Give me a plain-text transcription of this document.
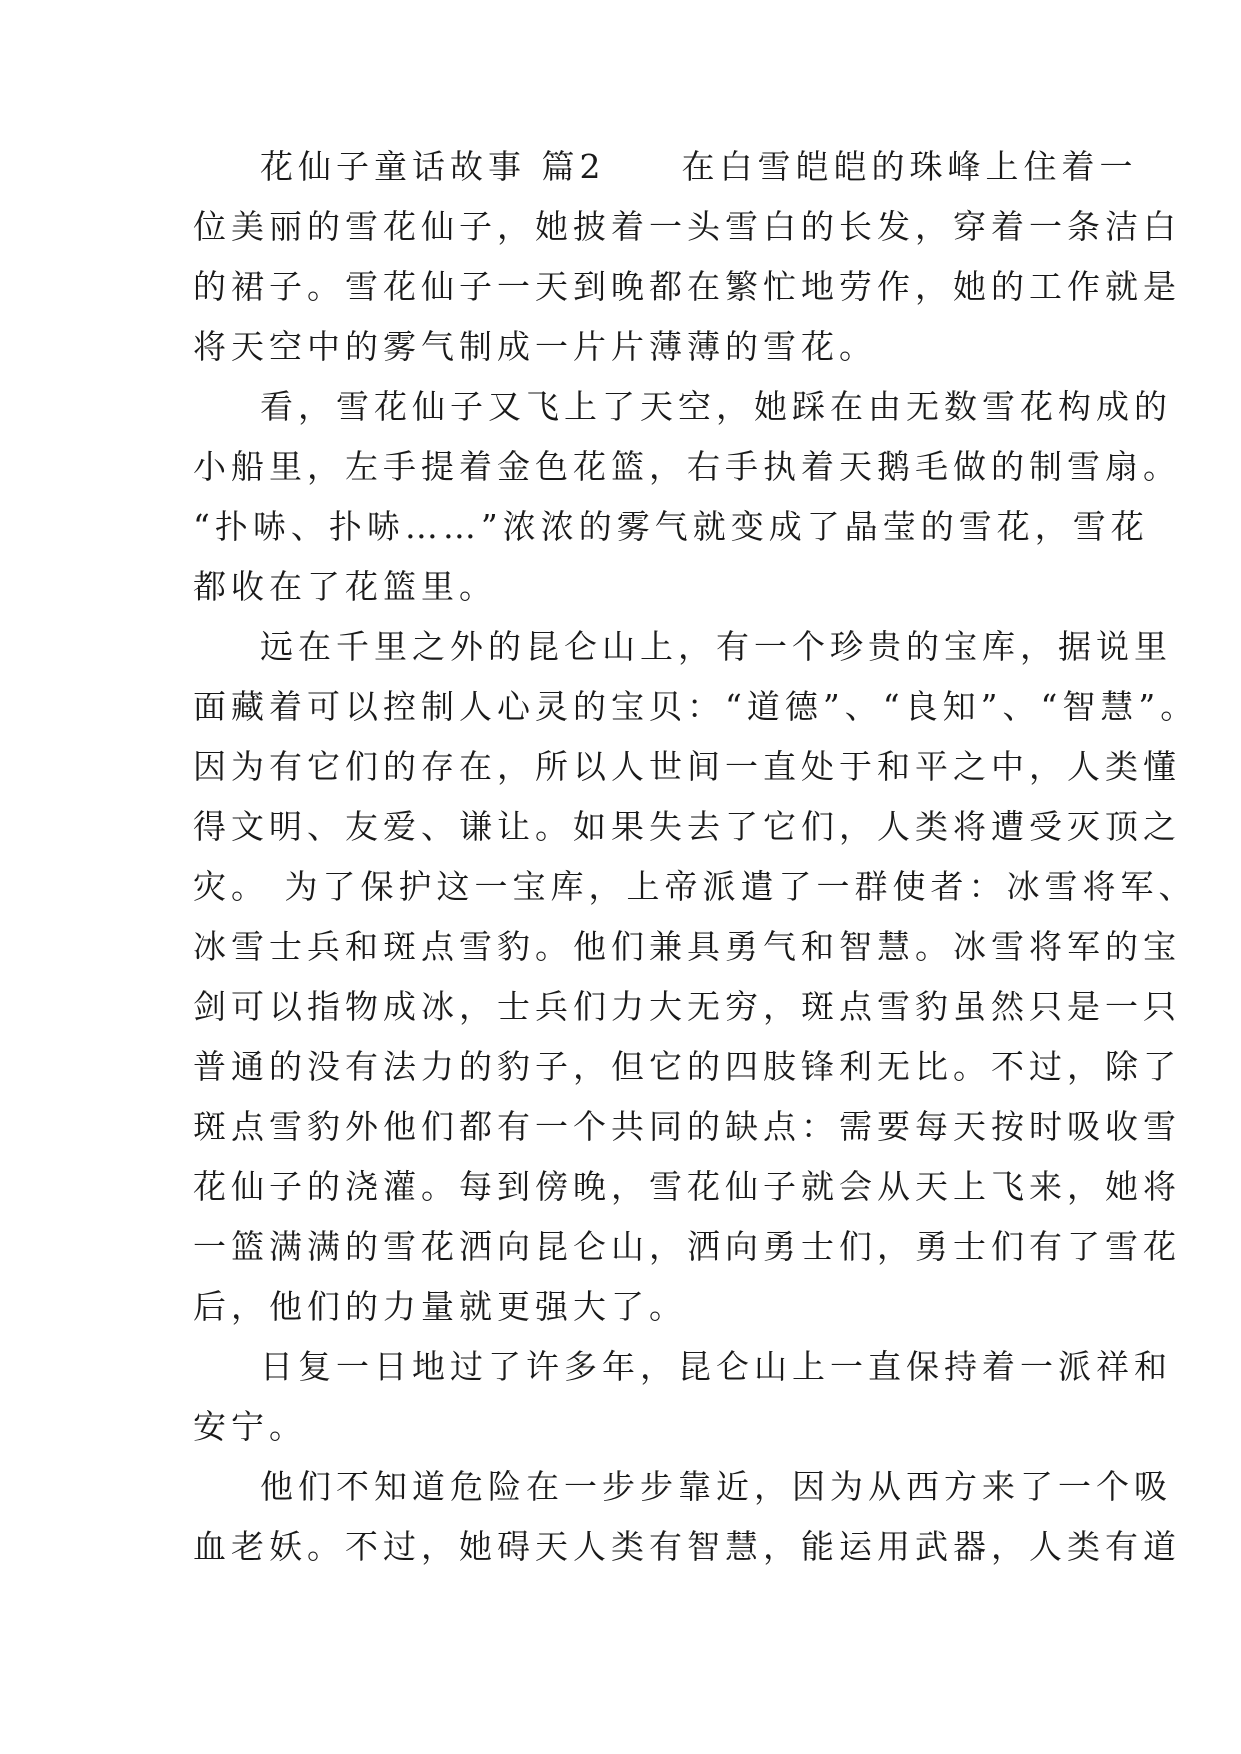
花仙子童话故事 篇2　　在白雪皑皑的珠峰上住着一
位美丽的雪花仙子，她披着一头雪白的长发，穿着一条洁白
的裙子。雪花仙子一天到晚都在繁忙地劳作，她的工作就是
将天空中的雾气制成一片片薄薄的雪花。
看，雪花仙子又飞上了天空，她踩在由无数雪花构成的
小船里，左手提着金色花篮，右手执着天鹅毛做的制雪扇。
“扑哧、扑哧……”浓浓的雾气就变成了晶莹的雪花，雪花
都收在了花篮里。
远在千里之外的昆仑山上，有一个珍贵的宝库，据说里
面藏着可以控制人心灵的宝贝：“道德”、“良知”、“智慧”。
因为有它们的存在，所以人世间一直处于和平之中，人类懂
得文明、友爱、谦让。如果失去了它们，人类将遭受灭顶之
灾。 为了保护这一宝库，上帝派遣了一群使者：冰雪将军、
冰雪士兵和斑点雪豹。他们兼具勇气和智慧。冰雪将军的宝
剑可以指物成冰，士兵们力大无穷，斑点雪豹虽然只是一只
普通的没有法力的豹子，但它的四肢锋利无比。不过，除了
斑点雪豹外他们都有一个共同的缺点：需要每天按时吸收雪
花仙子的浇灌。每到傍晚，雪花仙子就会从天上飞来，她将
一篮满满的雪花洒向昆仑山，洒向勇士们，勇士们有了雪花
后，他们的力量就更强大了。
日复一日地过了许多年，昆仑山上一直保持着一派祥和
安宁。
他们不知道危险在一步步靠近，因为从西方来了一个吸
血老妖。不过，她碍天人类有智慧，能运用武器，人类有道
